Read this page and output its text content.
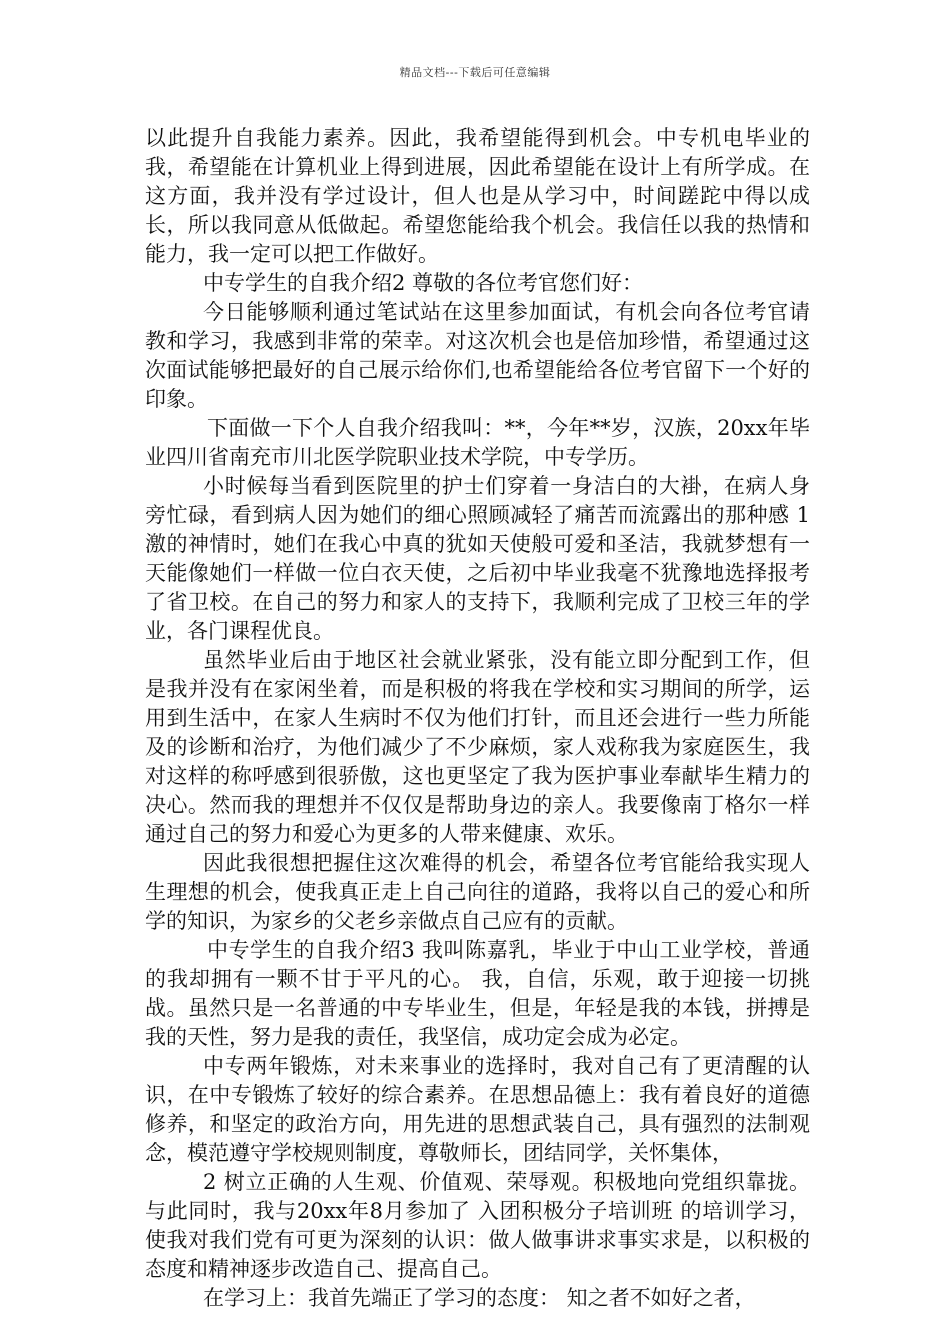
精品文档---下载后可任意编辑

以此提升自我能力素养。因此，我希望能得到机会。中专机电毕业的我，希望能在计算机业上得到进展，因此希望能在设计上有所学成。在这方面，我并没有学过设计，但人也是从学习中，时间蹉跎中得以成长，所以我同意从低做起。希望您能给我个机会。我信任以我的热情和能力，我一定可以把工作做好。

中专学生的自我介绍2 尊敬的各位考官您们好：

今日能够顺利通过笔试站在这里参加面试，有机会向各位考官请教和学习，我感到非常的荣幸。对这次机会也是倍加珍惜，希望通过这次面试能够把最好的自己展示给你们,也希望能给各位考官留下一个好的印象。

下面做一下个人自我介绍我叫：**，今年**岁，汉族，20xx年毕业四川省南充市川北医学院职业技术学院，中专学历。

小时候每当看到医院里的护士们穿着一身洁白的大褂，在病人身旁忙碌，看到病人因为她们的细心照顾减轻了痛苦而流露出的那种感 1 激的神情时，她们在我心中真的犹如天使般可爱和圣洁，我就梦想有一天能像她们一样做一位白衣天使，之后初中毕业我毫不犹豫地选择报考了省卫校。在自己的努力和家人的支持下，我顺利完成了卫校三年的学业，各门课程优良。

虽然毕业后由于地区社会就业紧张，没有能立即分配到工作，但是我并没有在家闲坐着，而是积极的将我在学校和实习期间的所学，运用到生活中，在家人生病时不仅为他们打针，而且还会进行一些力所能及的诊断和治疗，为他们减少了不少麻烦，家人戏称我为家庭医生，我对这样的称呼感到很骄傲，这也更坚定了我为医护事业奉献毕生精力的决心。然而我的理想并不仅仅是帮助身边的亲人。我要像南丁格尔一样通过自己的努力和爱心为更多的人带来健康、欢乐。

因此我很想把握住这次难得的机会，希望各位考官能给我实现人生理想的机会，使我真正走上自己向往的道路，我将以自己的爱心和所学的知识，为家乡的父老乡亲做点自己应有的贡献。

中专学生的自我介绍3 我叫陈嘉乳，毕业于中山工业学校，普通的我却拥有一颗不甘于平凡的心。 我，自信，乐观，敢于迎接一切挑战。虽然只是一名普通的中专毕业生，但是，年轻是我的本钱，拼搏是我的天性，努力是我的责任，我坚信，成功定会成为必定。

中专两年锻炼，对未来事业的选择时，我对自己有了更清醒的认识，在中专锻炼了较好的综合素养。在思想品德上：我有着良好的道德修养，和坚定的政治方向，用先进的思想武装自己，具有强烈的法制观念，模范遵守学校规则制度，尊敬师长，团结同学，关怀集体，

2 树立正确的人生观、价值观、荣辱观。积极地向党组织靠拢。与此同时，我与20xx年8月参加了 入团积极分子培训班 的培训学习，使我对我们党有可更为深刻的认识：做人做事讲求事实求是，以积极的态度和精神逐步改造自己、提高自己。

在学习上：我首先端正了学习的态度： 知之者不如好之者，
